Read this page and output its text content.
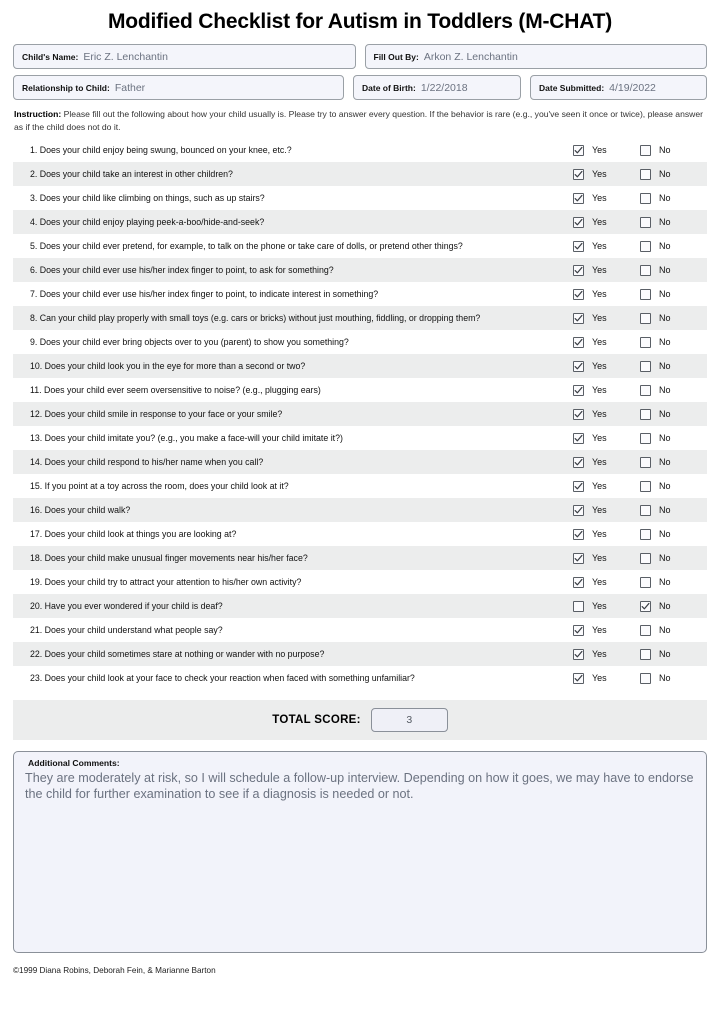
Modified Checklist for Autism in Toddlers (M-CHAT)
Child's Name: Eric Z. Lenchantin	Fill Out By: Arkon Z. Lenchantin
Relationship to Child: Father	Date of Birth: 1/22/2018	Date Submitted: 4/19/2022
Instruction: Please fill out the following about how your child usually is. Please try to answer every question. If the behavior is rare (e.g., you've seen it once or twice), please answer as if the child does not do it.
1. Does your child enjoy being swung, bounced on your knee, etc.?	Yes	No
2. Does your child take an interest in other children?	Yes	No
3. Does your child like climbing on things, such as up stairs?	Yes	No
4. Does your child enjoy playing peek-a-boo/hide-and-seek?	Yes	No
5. Does your child ever pretend, for example, to talk on the phone or take care of dolls, or pretend other things?	Yes	No
6. Does your child ever use his/her index finger to point, to ask for something?	Yes	No
7. Does your child ever use his/her index finger to point, to indicate interest in something?	Yes	No
8. Can your child play properly with small toys (e.g. cars or bricks) without just mouthing, fiddling, or dropping them?	Yes	No
9. Does your child ever bring objects over to you (parent) to show you something?	Yes	No
10. Does your child look you in the eye for more than a second or two?	Yes	No
11. Does your child ever seem oversensitive to noise? (e.g., plugging ears)	Yes	No
12. Does your child smile in response to your face or your smile?	Yes	No
13. Does your child imitate you? (e.g., you make a face-will your child imitate it?)	Yes	No
14. Does your child respond to his/her name when you call?	Yes	No
15. If you point at a toy across the room, does your child look at it?	Yes	No
16. Does your child walk?	Yes	No
17. Does your child look at things you are looking at?	Yes	No
18. Does your child make unusual finger movements near his/her face?	Yes	No
19. Does your child try to attract your attention to his/her own activity?	Yes	No
20. Have you ever wondered if your child is deaf?	Yes	No
21. Does your child understand what people say?	Yes	No
22. Does your child sometimes stare at nothing or wander with no purpose?	Yes	No
23. Does your child look at your face to check your reaction when faced with something unfamiliar?	Yes	No
TOTAL SCORE:	3
Additional Comments:
They are moderately at risk, so I will schedule a follow-up interview. Depending on how it goes, we may have to endorse the child for further examination to see if a diagnosis is needed or not.
©1999 Diana Robins, Deborah Fein, & Marianne Barton
